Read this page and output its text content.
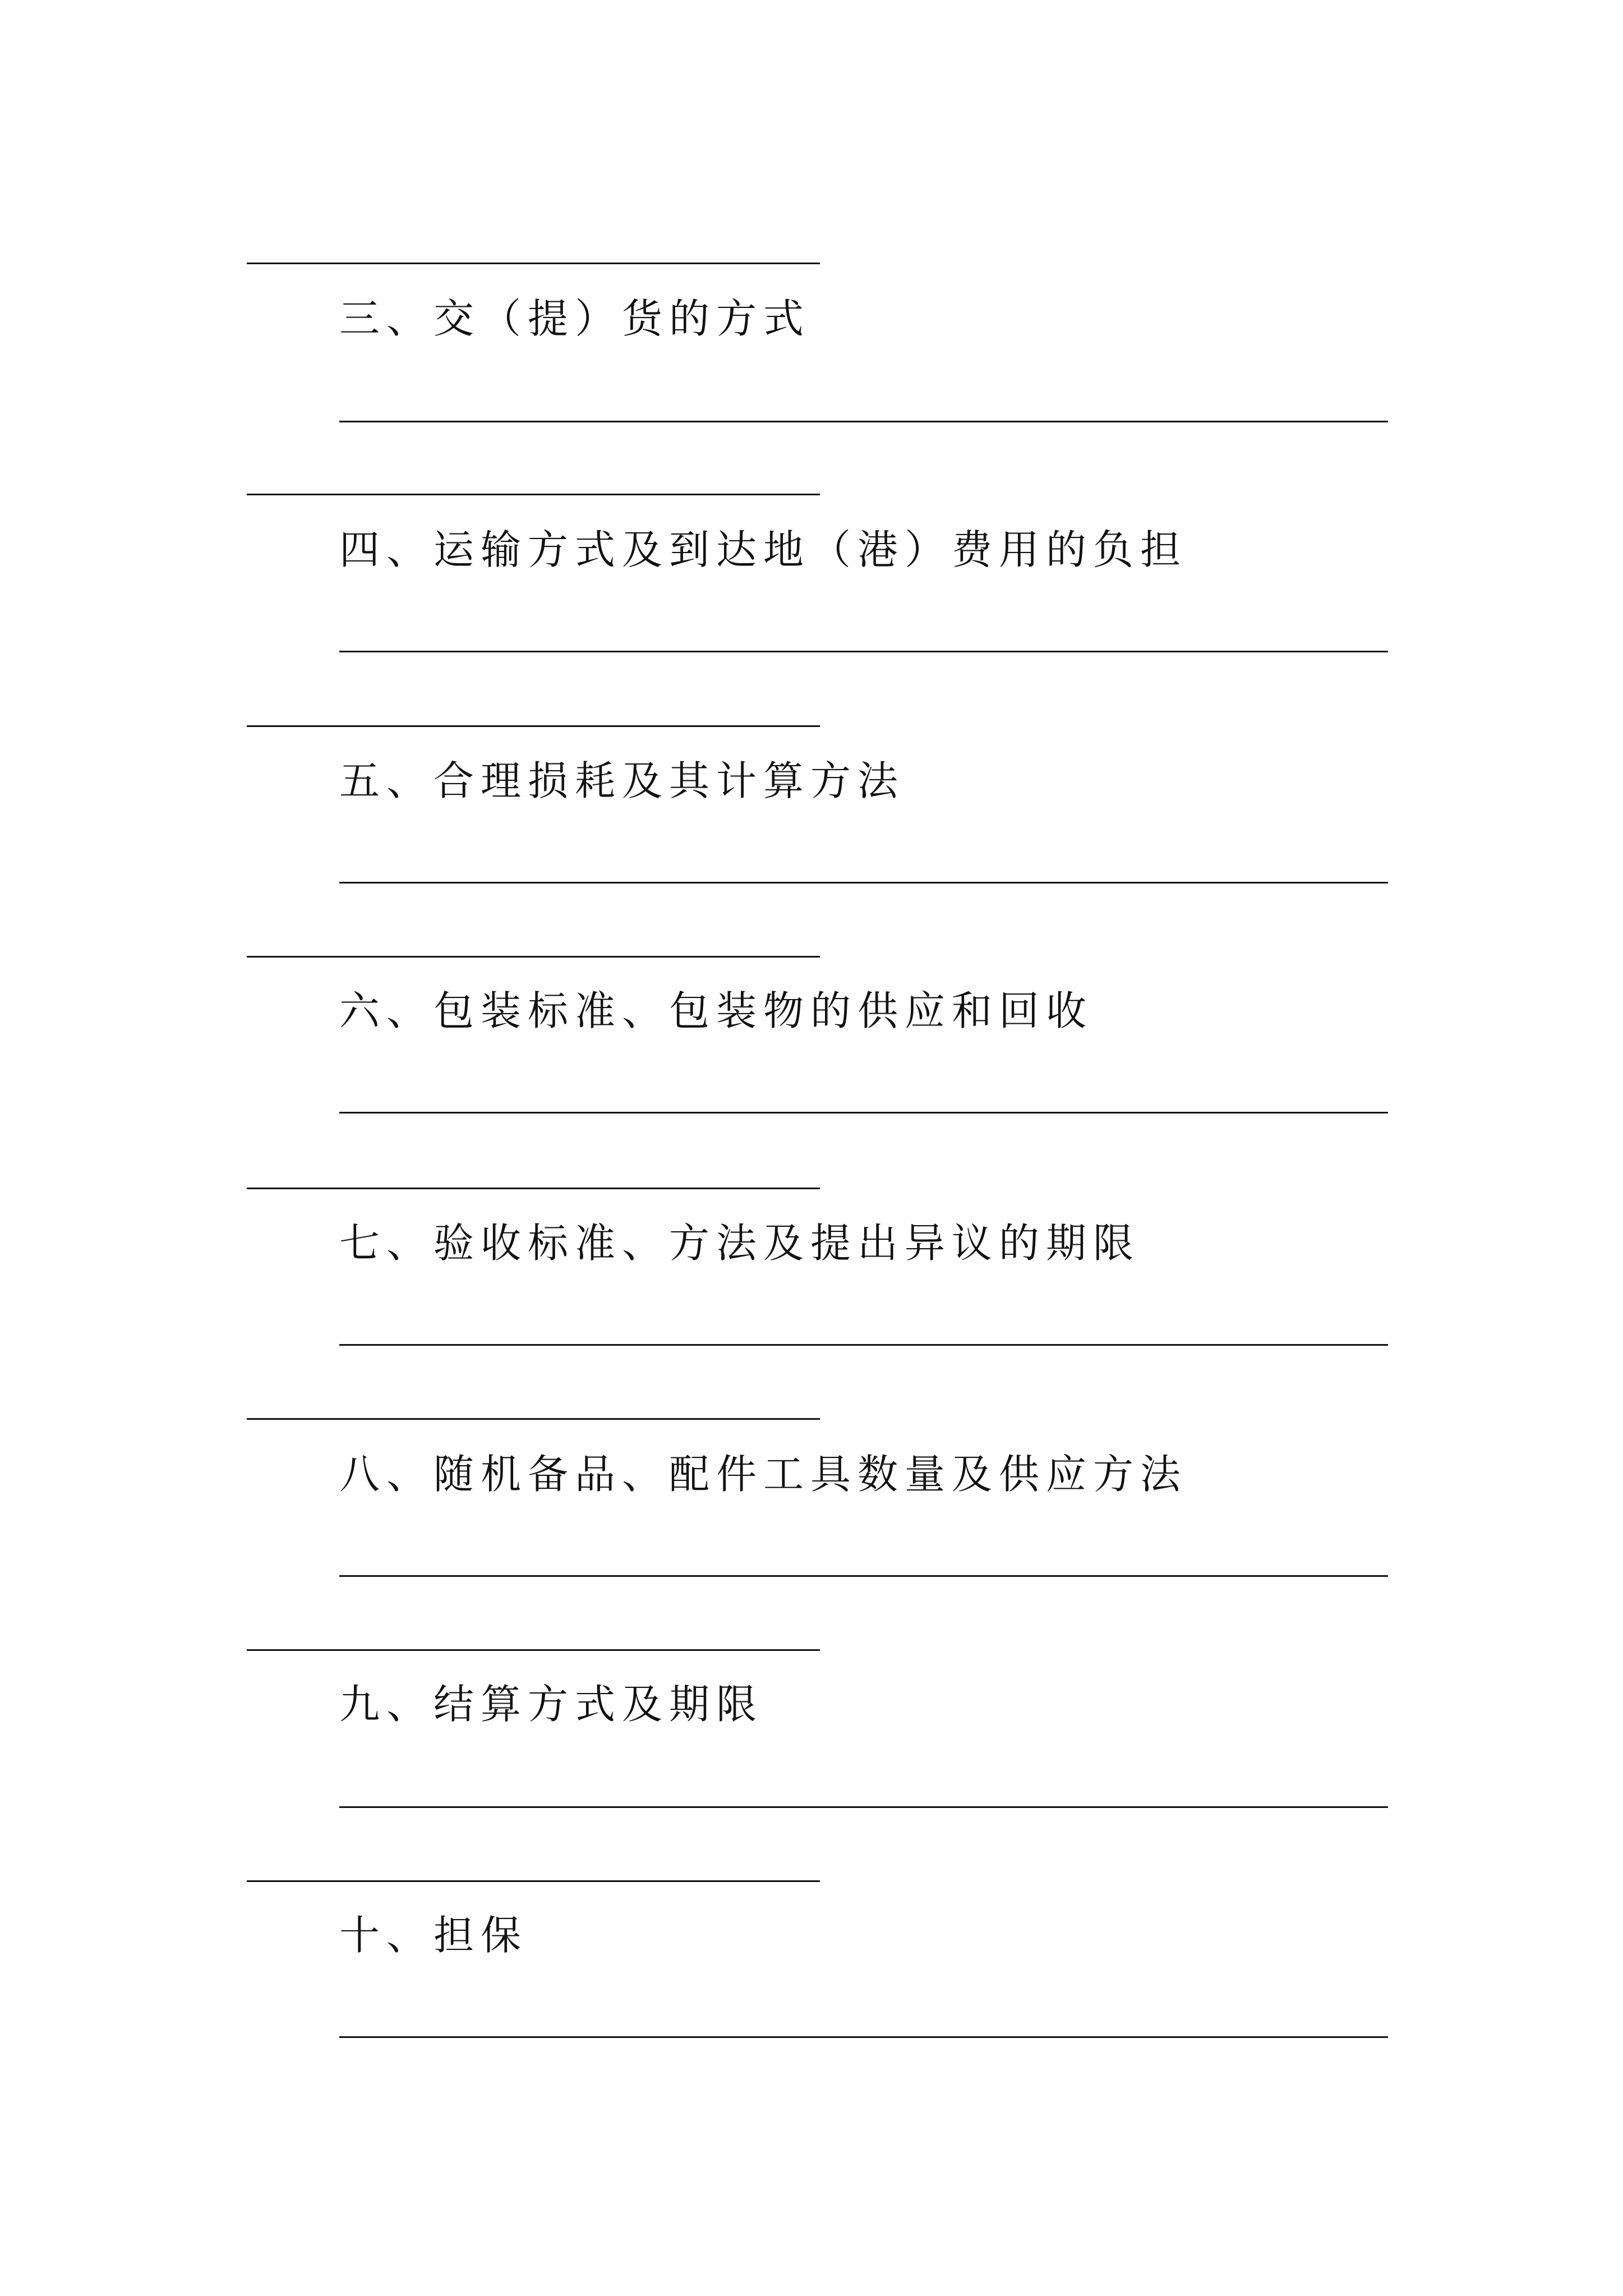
三、交（提）货的方式
四、运输方式及到达地（港）费用的负担
五、合理损耗及其计算方法
六、包装标准、包装物的供应和回收
七、验收标准、方法及提出异议的期限
八、随机备品、配件工具数量及供应方法
九、结算方式及期限
十、担保
